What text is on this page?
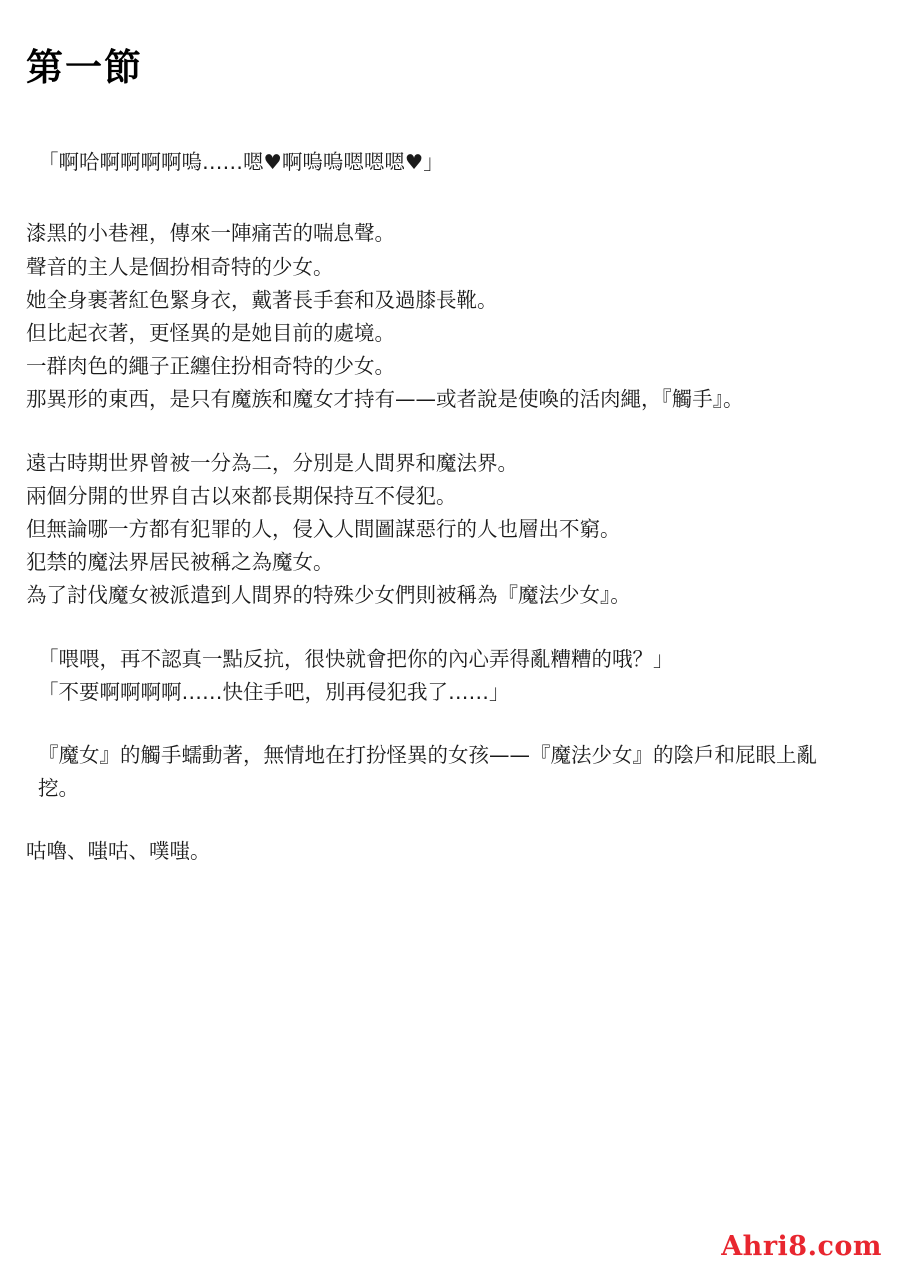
第一節

「啊哈啊啊啊啊嗚……嗯♥啊嗚嗚嗯嗯嗯♥」

漆黑的小巷裡，傳來一陣痛苦的喘息聲。
聲音的主人是個扮相奇特的少女。
她全身裹著紅色緊身衣，戴著長手套和及過膝長靴。
但比起衣著，更怪異的是她目前的處境。
一群肉色的繩子正纏住扮相奇特的少女。
那異形的東西，是只有魔族和魔女才持有——或者說是使喚的活肉繩，『觸手』。

遠古時期世界曾被一分為二，分別是人間界和魔法界。
兩個分開的世界自古以來都長期保持互不侵犯。
但無論哪一方都有犯罪的人，侵入人間圖謀惡行的人也層出不窮。
犯禁的魔法界居民被稱之為魔女。
為了討伐魔女被派遣到人間界的特殊少女們則被稱為『魔法少女』。

「喂喂，再不認真一點反抗，很快就會把你的內心弄得亂糟糟的哦？」
「不要啊啊啊啊……快住手吧，別再侵犯我了……」

『魔女』的觸手蠕動著，無情地在打扮怪異的女孩——『魔法少女』的陰戶和屁眼上亂挖。

咕嚕、嗤咕、噗嗤。

Ahri8.com
